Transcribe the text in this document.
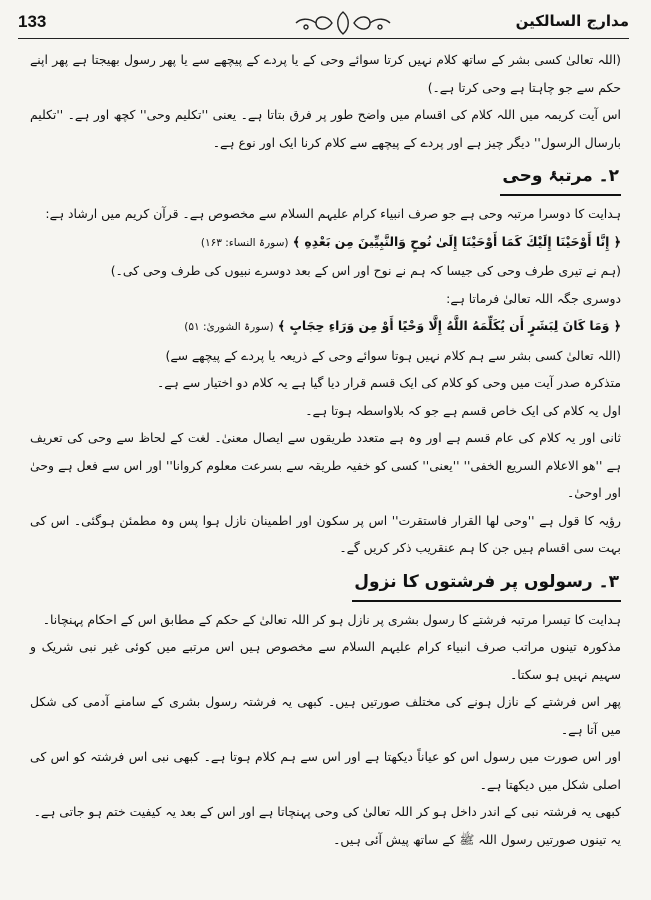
133	مدارج السالکین

(اللہ تعالیٰ کسی بشر کے ساتھ کلام نہیں کرتا سوائے وحی کے یا پردے کے پیچھے سے یا پھر رسول بھیجتا ہے پھر اپنے حکم سے جو چاہتا ہے وحی کرتا ہے۔)

اس آیت کریمہ میں اللہ کلام کی اقسام میں واضح طور پر فرق بتاتا ہے۔ یعنی ''تکلیم وحی'' کچھ اور ہے۔ ''تکلیم بارسال الرسول'' دیگر چیز ہے اور پردے کے پیچھے سے کلام کرنا ایک اور نوع ہے۔

۲۔ مرتبۂ وحی

ہدایت کا دوسرا مرتبہ وحی ہے جو صرف انبیاء کرام علیہم السلام سے مخصوص ہے۔ قرآن کریم میں ارشاد ہے:

﴿ إِنَّا أَوْحَيْنَا إِلَيْكَ كَمَا أَوْحَيْنَا إِلَىٰ نُوحٍ وَالنَّبِيِّينَ مِن بَعْدِهِ ﴾ (سورۃ النساء: ۱۶۳)

(ہم نے تیری طرف وحی کی جیسا کہ ہم نے نوح اور اس کے بعد دوسرے نبیوں کی طرف وحی کی۔)

دوسری جگہ اللہ تعالیٰ فرماتا ہے:

﴿ وَمَا كَانَ لِبَشَرٍ أَن يُكَلِّمَهُ اللَّهُ إِلَّا وَحْيًا أَوْ مِن وَرَاءِ حِجَابٍ ﴾ (سورۃ الشوریٰ: ۵۱)

(اللہ تعالیٰ کسی بشر سے ہم کلام نہیں ہوتا سوائے وحی کے ذریعہ یا پردے کے پیچھے سے)

متذکرہ صدر آیت میں وحی کو کلام کی ایک قسم قرار دیا گیا ہے یہ کلام دو اختیار سے ہے۔

اول یہ کلام کی ایک خاص قسم ہے جو کہ بلاواسطہ ہوتا ہے۔

ثانی اور یہ کلام کی عام قسم ہے اور وہ ہے متعدد طریقوں سے ایصال معنیٰ۔ لغت کے لحاظ سے وحی کی تعریف ہے ''ھو الاعلام السریع الخفی'' ''یعنی'' کسی کو خفیہ طریقہ سے بسرعت معلوم کروانا'' اور اس سے فعل ہے وحیٰ اور اوحیٰ۔

رؤیہ کا قول ہے ''وحی لھا القرار فاستقرت'' اس پر سکون اور اطمینان نازل ہوا پس وہ مطمئن ہوگئی۔ اس کی بہت سی اقسام ہیں جن کا ہم عنقریب ذکر کریں گے۔

۳۔ رسولوں پر فرشتوں کا نزول

ہدایت کا تیسرا مرتبہ فرشتے کا رسول بشری پر نازل ہو کر اللہ تعالیٰ کے حکم کے مطابق اس کے احکام پہنچانا۔

مذکورہ تینوں مراتب صرف انبیاء کرام علیہم السلام سے مخصوص ہیں اس مرتبے میں کوئی غیر نبی شریک و سہیم نہیں ہو سکتا۔

پھر اس فرشتے کے نازل ہونے کی مختلف صورتیں ہیں۔ کبھی یہ فرشتہ رسول بشری کے سامنے آدمی کی شکل میں آتا ہے۔

اور اس صورت میں رسول اس کو عیاناً دیکھتا ہے اور اس سے ہم کلام ہوتا ہے۔ کبھی نبی اس فرشتہ کو اس کی اصلی شکل میں دیکھتا ہے۔

کبھی یہ فرشتہ نبی کے اندر داخل ہو کر اللہ تعالیٰ کی وحی پہنچاتا ہے اور اس کے بعد یہ کیفیت ختم ہو جاتی ہے۔

یہ تینوں صورتیں رسول اللہ ﷺ کے ساتھ پیش آئی ہیں۔
